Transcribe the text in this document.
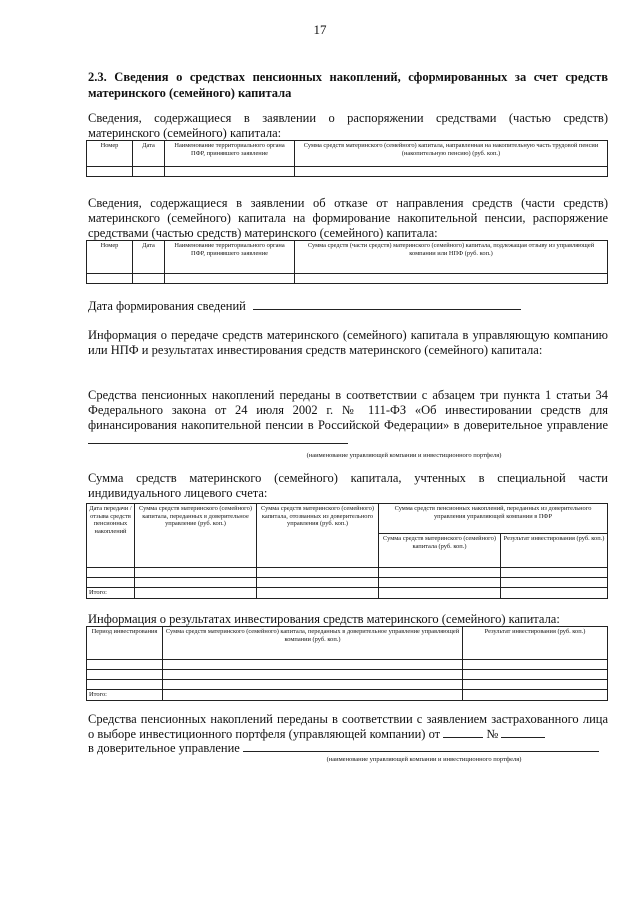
17
2.3. Сведения о средствах пенсионных накоплений, сформированных за счет средств материнского (семейного) капитала
Сведения, содержащиеся в заявлении о распоряжении средствами (частью средств) материнского (семейного) капитала:
Номер	Дата	Наименование территориального органа ПФР, принявшего заявление	Сумма средств материнского (семейного) капитала, направленная на накопительную часть трудовой пенсии (накопительную пенсию) (руб. коп.)

Сведения, содержащиеся в заявлении об отказе от направления средств (части средств) материнского (семейного) капитала на формирование накопительной пенсии, распоряжение средствами (частью средств) материнского (семейного) капитала:
Номер	Дата	Наименование территориального органа ПФР, принявшего заявление	Сумма средств (части средств) материнского (семейного) капитала, подлежащая отзыву из управляющей компании или НПФ (руб. коп.)

Дата формирования сведений
Информация о передаче средств материнского (семейного) капитала в управляющую компанию или НПФ и результатах инвестирования средств материнского (семейного) капитала:
Средства пенсионных накоплений переданы в соответствии с абзацем три пункта 1 статьи 34 Федерального закона от 24 июля 2002 г. № 111-ФЗ «Об инвестировании средств для финансирования накопительной пенсии в Российской Федерации» в доверительное управление
(наименование управляющей компании и инвестиционного портфеля)
Сумма средств материнского (семейного) капитала, учтенных в специальной части индивидуального лицевого счета:
Дата передачи /отзыва средств пенсионных накоплений	Сумма средств материнского (семейного) капитала, переданных в доверительное управление (руб. коп.)	Сумма средств материнского (семейного) капитала, отозванных из доверительного управления (руб. коп.)	Сумма средств пенсионных накоплений, переданных из доверительного управления управляющей компании в ПФР	
			Сумма средств материнского (семейного) капитала (руб. коп.)	Результат инвестирования (руб. коп.)

Итого:				
Информация о результатах инвестирования средств материнского (семейного) капитала:
Период инвестирования	Сумма средств материнского (семейного) капитала, переданных в доверительное управление управляющей компании (руб. коп.)	Результат инвестирования (руб. коп.)

Итого:		
Средства пенсионных накоплений переданы в соответствии с заявлением застрахованного лица о выборе инвестиционного портфеля (управляющей компании) от	№
в доверительное управление
(наименование управляющей компании и инвестиционного портфеля)
